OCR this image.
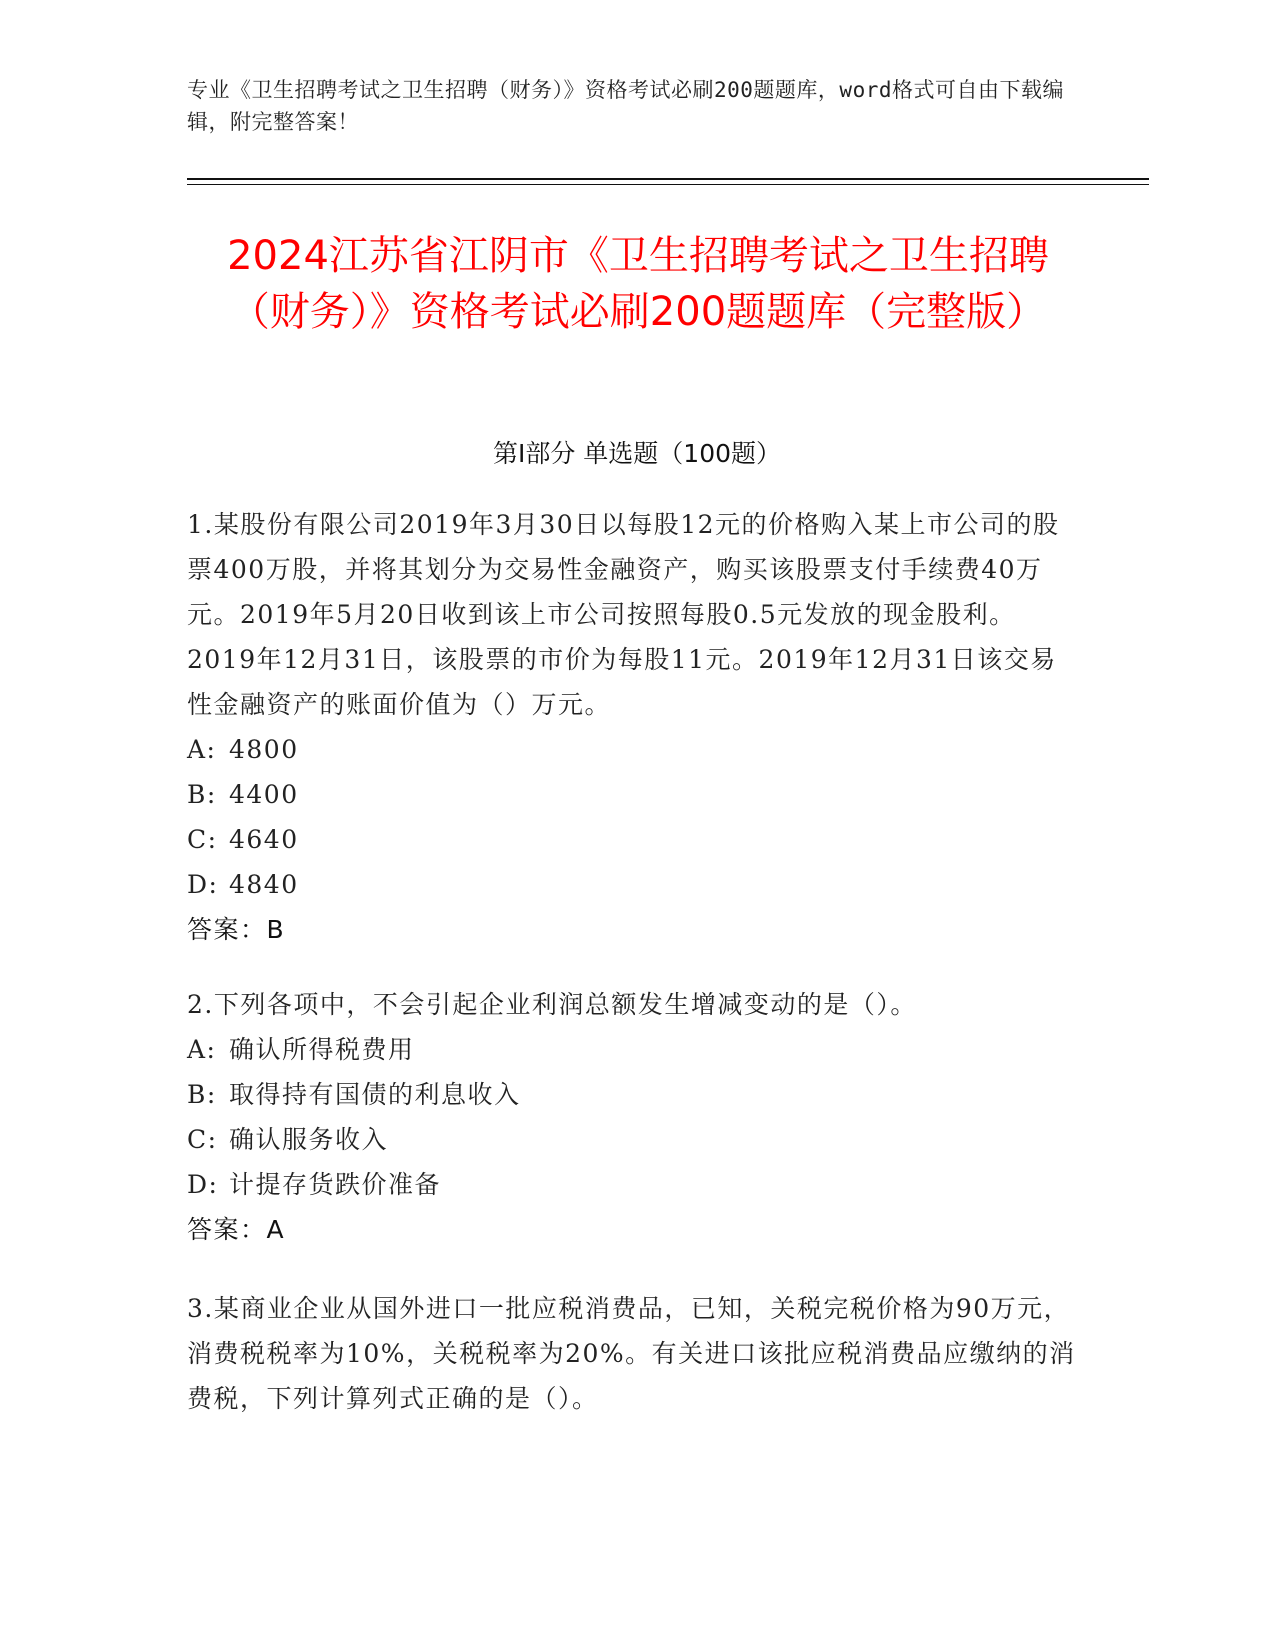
专业《卫生招聘考试之卫生招聘（财务）》资格考试必刷200题题库，word格式可自由下载编辑，附完整答案！
2024江苏省江阴市《卫生招聘考试之卫生招聘（财务）》资格考试必刷200题题库（完整版）
第Ⅰ部分 单选题（100题）

1.某股份有限公司2019年3月30日以每股12元的价格购入某上市公司的股票400万股，并将其划分为交易性金融资产，购买该股票支付手续费40万元。2019年5月20日收到该上市公司按照每股0.5元发放的现金股利。2019年12月31日，该股票的市价为每股11元。2019年12月31日该交易性金融资产的账面价值为（）万元。

A: 4800
B: 4400
C: 4640
D: 4840
答案：B

2.下列各项中，不会引起企业利润总额发生增减变动的是（）。

A: 确认所得税费用
B: 取得持有国债的利息收入
C: 确认服务收入
D: 计提存货跌价准备
答案：A

3.某商业企业从国外进口一批应税消费品，已知，关税完税价格为90万元，消费税税率为10%，关税税率为20%。有关进口该批应税消费品应缴纳的消费税，下列计算列式正确的是（）。
